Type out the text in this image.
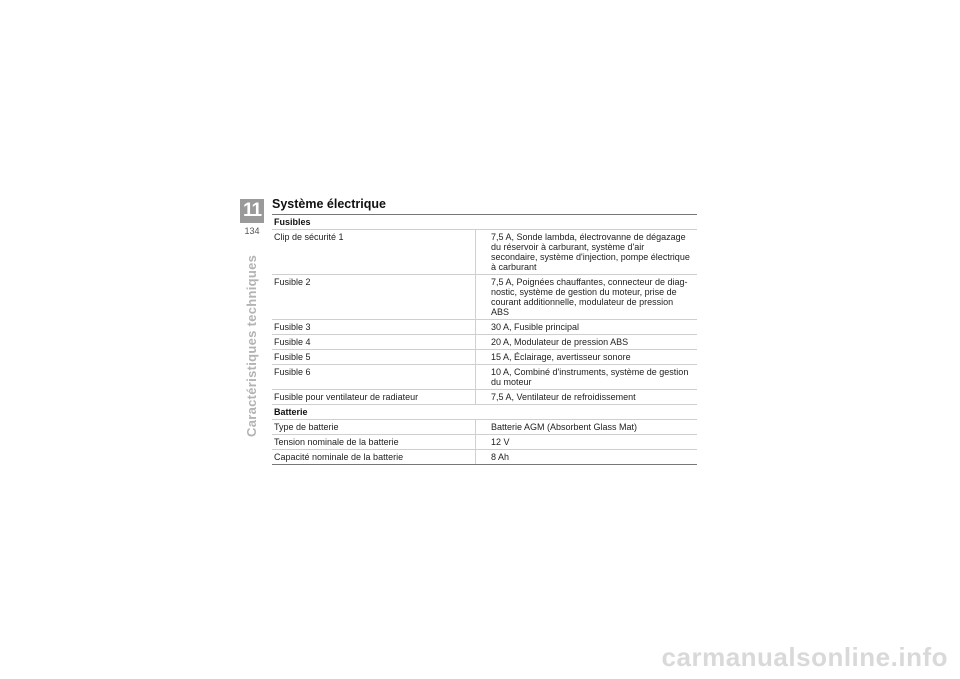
11
134
Caractéristiques techniques
Système électrique
Fusibles	
Clip de sécurité 1	7,5 A, Sonde lambda, électrovanne de dégazage du réservoir à carburant, système d'air secondaire, système d'injection, pompe électrique à carburant
Fusible 2	7,5 A, Poignées chauffantes, connecteur de diag- nostic, système de gestion du moteur, prise de courant additionnelle, modulateur de pression ABS
Fusible 3	30 A, Fusible principal
Fusible 4	20 A, Modulateur de pression ABS
Fusible 5	15 A, Éclairage, avertisseur sonore
Fusible 6	10 A, Combiné d'instruments, système de gestion du moteur
Fusible pour ventilateur de radiateur	7,5 A, Ventilateur de refroidissement
Batterie	
Type de batterie	Batterie AGM (Absorbent Glass Mat)
Tension nominale de la batterie	12 V
Capacité nominale de la batterie	8 Ah
carmanualsonline.info
